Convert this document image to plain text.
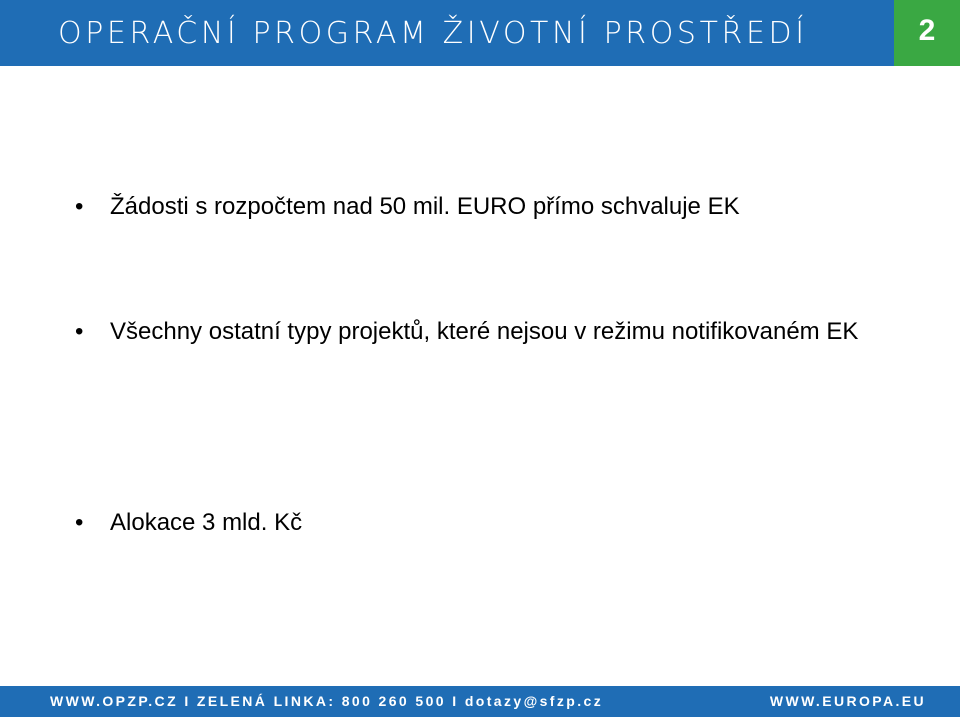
OPERAČNÍ PROGRAM ŽIVOTNÍ PROSTŘEDÍ	2
• Žádosti s rozpočtem nad 50 mil. EURO přímo schvaluje EK
• Všechny ostatní typy projektů, které nejsou v režimu notifikovaném EK
• Alokace 3 mld. Kč
WWW.OPZP.CZ I ZELENÁ LINKA: 800 260 500 I dotazy@sfzp.cz	WWW.EUROPA.EU
